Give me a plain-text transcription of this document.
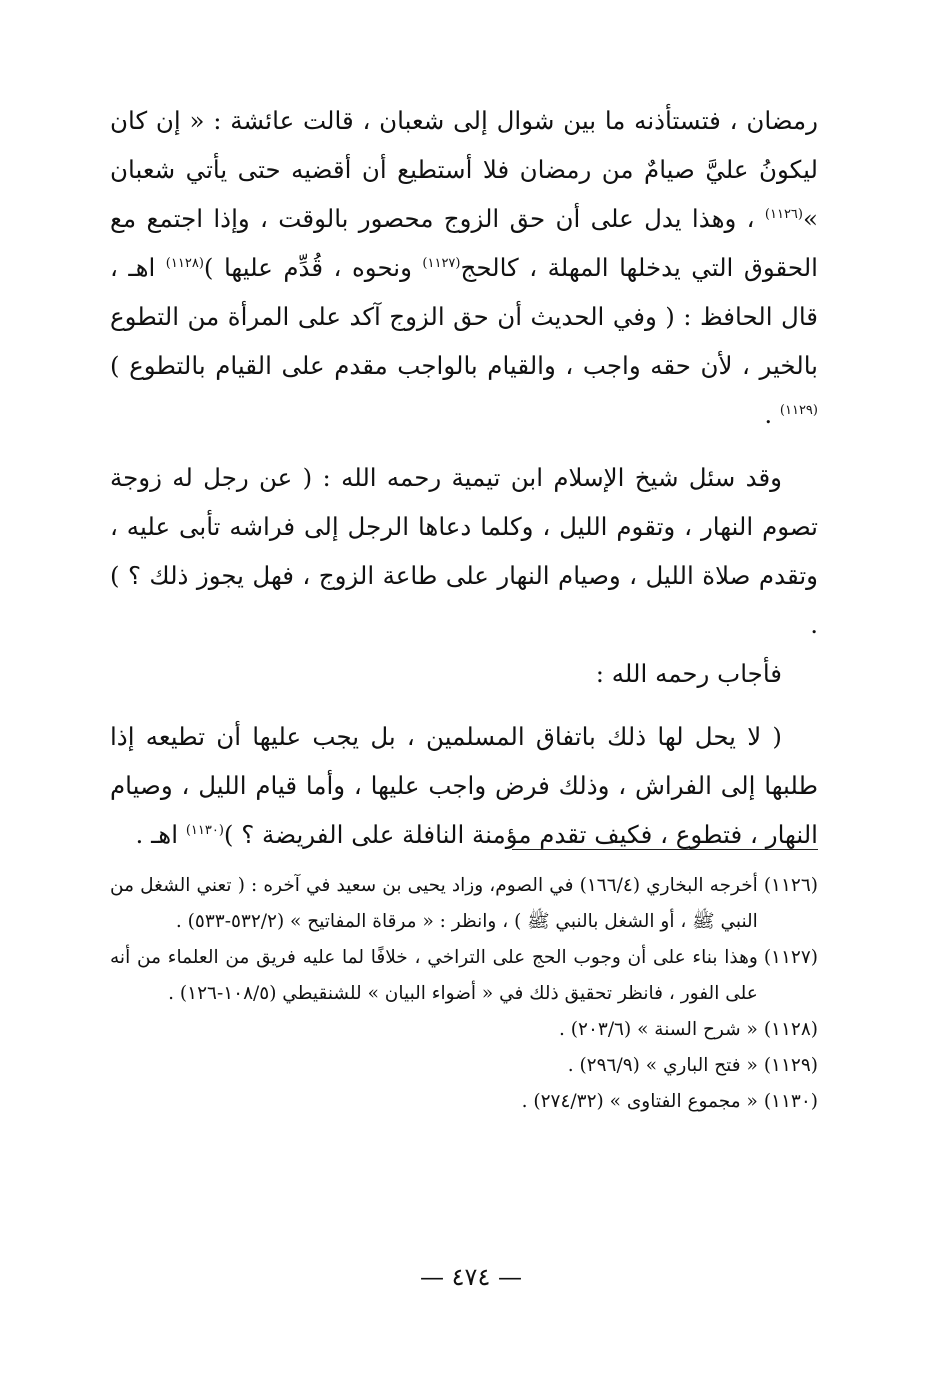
رمضان ، فتستأذنه ما بين شوال إلى شعبان ، قالت عائشة : « إن كان ليكونُ عليَّ صيامٌ من رمضان فلا أستطيع أن أقضيه حتى يأتي شعبان »$^{(١١٢٦)}$ ، وهذا يدل على أن حق الزوج محصور بالوقت ، وإذا اجتمع مع الحقوق التي يدخلها المهلة ، كالحج$^{(١١٢٧)}$ ونحوه ، قُدِّم عليها )$^{(١١٢٨)}$ اهـ ، قال الحافظ : ( وفي الحديث أن حق الزوج آكد على المرأة من التطوع بالخير ، لأن حقه واجب ، والقيام بالواجب مقدم على القيام بالتطوع )$^{(١١٢٩)}$ .

وقد سئل شيخ الإسلام ابن تيمية رحمه الله : ( عن رجل له زوجة تصوم النهار ، وتقوم الليل ، وكلما دعاها الرجل إلى فراشه تأبى عليه ، وتقدم صلاة الليل ، وصيام النهار على طاعة الزوج ، فهل يجوز ذلك ؟ ) .

فأجاب رحمه الله :

( لا يحل لها ذلك باتفاق المسلمين ، بل يجب عليها أن تطيعه إذا طلبها إلى الفراش ، وذلك فرض واجب عليها ، وأما قيام الليل ، وصيام النهار ، فتطوع ، فكيف تقدم مؤمنة النافلة على الفريضة ؟ )$^{(١١٣٠)}$ اهـ .

(١١٢٦)
أخرجه البخاري (١٦٦/٤) في الصوم، وزاد يحيى بن سعيد في آخره : ( تعني الشغل من النبي ﷺ ، أو الشغل بالنبي ﷺ ) ، وانظر : « مرقاة المفاتيح » (٥٣٢/٢-٥٣٣) .
(١١٢٧)
وهذا بناء على أن وجوب الحج على التراخي ، خلافًا لما عليه فريق من العلماء من أنه على الفور ، فانظر تحقيق ذلك في « أضواء البيان » للشنقيطي (١٠٨/٥-١٢٦) .
(١١٢٨)
« شرح السنة » (٢٠٣/٦) .
(١١٢٩)
« فتح الباري » (٢٩٦/٩) .
(١١٣٠)
« مجموع الفتاوى » (٢٧٤/٣٢) .
— ٤٧٤ —
